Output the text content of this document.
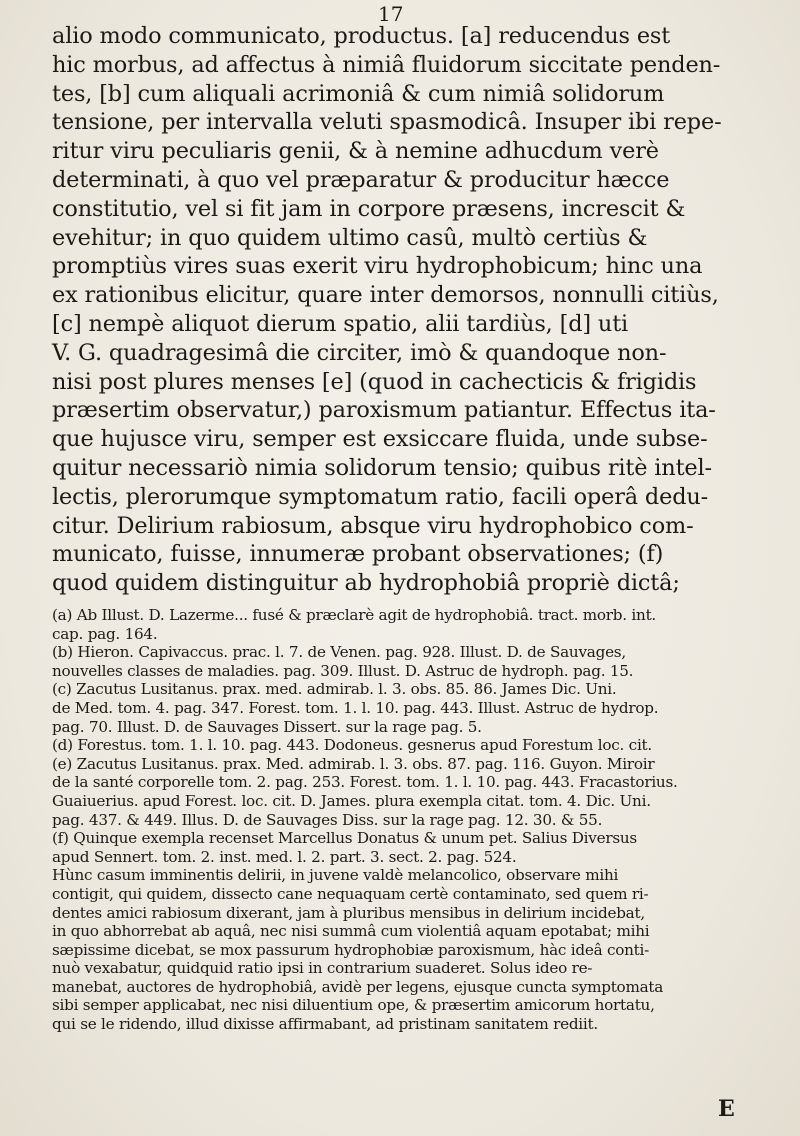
17
alio modo communicato, productus. [a] reducendus est
hic morbus, ad affectus à nimiâ fluidorum siccitate penden-
tes, [b] cum aliquali acrimoniâ & cum nimiâ solidorum
tensione, per intervalla veluti spasmodicâ. Insuper ibi repe-
ritur viru peculiaris genii, & à nemine adhucdum verè
determinati, à quo vel præparatur & producitur hæcce
constitutio, vel si fit jam in corpore præsens, increscit &
evehitur; in quo quidem ultimo casû, multò certiùs &
promptiùs vires suas exerit viru hydrophobicum; hinc una
ex rationibus elicitur, quare inter demorsos, nonnulli citiùs,
[c] nempè aliquot dierum spatio, alii tardiùs, [d] uti
V. G. quadragesimâ die circiter, imò & quandoque non-
nisi post plures menses [e] (quod in cachecticis & frigidis
præsertim observatur,) paroxismum patiantur. Effectus ita-
que hujusce viru, semper est exsiccare fluida, unde subse-
quitur necessariò nimia solidorum tensio; quibus ritè intel-
lectis, plerorumque symptomatum ratio, facili operâ dedu-
citur. Delirium rabiosum, absque viru hydrophobico com-
municato, fuisse, innumeræ probant observationes; (f)
quod quidem distinguitur ab hydrophobiâ propriè dictâ;
(a) Ab Illust. D. Lazerme... fusé & præclarè agit de hydrophobiâ. tract. morb. int.
cap. pag. 164.
(b) Hieron. Capivaccus. prac. l. 7. de Venen. pag. 928. Illust. D. de Sauvages,
nouvelles classes de maladies. pag. 309. Illust. D. Astruc de hydroph. pag. 15.
(c) Zacutus Lusitanus. prax. med. admirab. l. 3. obs. 85. 86. James Dic. Uni.
de Med. tom. 4. pag. 347. Forest. tom. 1. l. 10. pag. 443. Illust. Astruc de hydrop.
pag. 70. Illust. D. de Sauvages Dissert. sur la rage pag. 5.
(d) Forestus. tom. 1. l. 10. pag. 443. Dodoneus. gesnerus apud Forestum loc. cit.
(e) Zacutus Lusitanus. prax. Med. admirab. l. 3. obs. 87. pag. 116. Guyon. Miroir
de la santé corporelle tom. 2. pag. 253. Forest. tom. 1. l. 10. pag. 443. Fracastorius.
Guaiuerius. apud Forest. loc. cit. D. James. plura exempla citat. tom. 4. Dic. Uni.
pag. 437. & 449. Illus. D. de Sauvages Diss. sur la rage pag. 12. 30. & 55.
(f) Quinque exempla recenset Marcellus Donatus & unum pet. Salius Diversus
apud Sennert. tom. 2. inst. med. l. 2. part. 3. sect. 2. pag. 524.
Hùnc casum imminentis delirii, in juvene valdè melancolico, observare mihi
contigit, qui quidem, dissecto cane nequaquam certè contaminato, sed quem ri-
dentes amici rabiosum dixerant, jam à pluribus mensibus in delirium incidebat,
in quo abhorrebat ab aquâ, nec nisi summâ cum violentiâ aquam epotabat; mihi
sæpissime dicebat, se mox passurum hydrophobiæ paroxismum, hàc ideâ conti-
nuò vexabatur, quidquid ratio ipsi in contrarium suaderet. Solus ideo re-
manebat, auctores de hydrophobiâ, avidè per legens, ejusque cuncta symptomata
sibi semper applicabat, nec nisi diluentium ope, & præsertim amicorum hortatu,
qui se le ridendo, illud dixisse affirmabant, ad pristinam sanitatem rediit.
E
